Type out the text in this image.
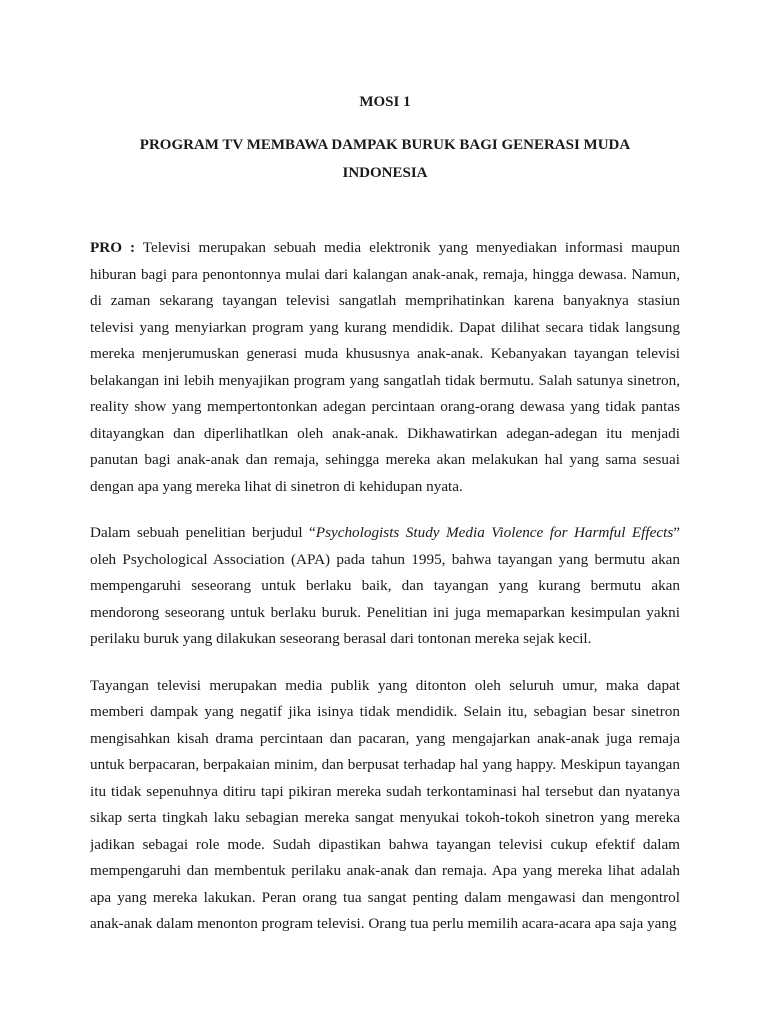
MOSI 1
PROGRAM TV MEMBAWA DAMPAK BURUK BAGI GENERASI MUDA
INDONESIA

PRO : Televisi merupakan sebuah media elektronik yang menyediakan informasi maupun hiburan bagi para penontonnya mulai dari kalangan anak-anak, remaja, hingga dewasa. Namun, di zaman sekarang tayangan televisi sangatlah memprihatinkan karena banyaknya stasiun televisi yang menyiarkan program yang kurang mendidik. Dapat dilihat secara tidak langsung mereka menjerumuskan generasi muda khususnya anak-anak. Kebanyakan tayangan televisi belakangan ini lebih menyajikan program yang sangatlah tidak bermutu. Salah satunya sinetron, reality show yang mempertontonkan adegan percintaan orang-orang dewasa yang tidak pantas ditayangkan dan diperlihatlkan oleh anak-anak. Dikhawatirkan adegan-adegan itu menjadi panutan bagi anak-anak dan remaja, sehingga mereka akan melakukan hal yang sama sesuai dengan apa yang mereka lihat di sinetron di kehidupan nyata.

Dalam sebuah penelitian berjudul “Psychologists Study Media Violence for Harmful Effects” oleh Psychological Association (APA) pada tahun 1995, bahwa tayangan yang bermutu akan mempengaruhi seseorang untuk berlaku baik, dan tayangan yang kurang bermutu akan mendorong seseorang untuk berlaku buruk. Penelitian ini juga memaparkan kesimpulan yakni perilaku buruk yang dilakukan seseorang berasal dari tontonan mereka sejak kecil.

Tayangan televisi merupakan media publik yang ditonton oleh seluruh umur, maka dapat memberi dampak yang negatif jika isinya tidak mendidik. Selain itu, sebagian besar sinetron mengisahkan kisah drama percintaan dan pacaran, yang mengajarkan anak-anak juga remaja untuk berpacaran, berpakaian minim, dan berpusat terhadap hal yang happy. Meskipun tayangan itu tidak sepenuhnya ditiru tapi pikiran mereka sudah terkontaminasi hal tersebut dan nyatanya sikap serta tingkah laku sebagian mereka sangat menyukai tokoh-tokoh sinetron yang mereka jadikan sebagai role mode. Sudah dipastikan bahwa tayangan televisi cukup efektif dalam mempengaruhi dan membentuk perilaku anak-anak dan remaja. Apa yang mereka lihat adalah apa yang mereka lakukan. Peran orang tua sangat penting dalam mengawasi dan mengontrol anak-anak dalam menonton program televisi. Orang tua perlu memilih acara-acara apa saja yang
